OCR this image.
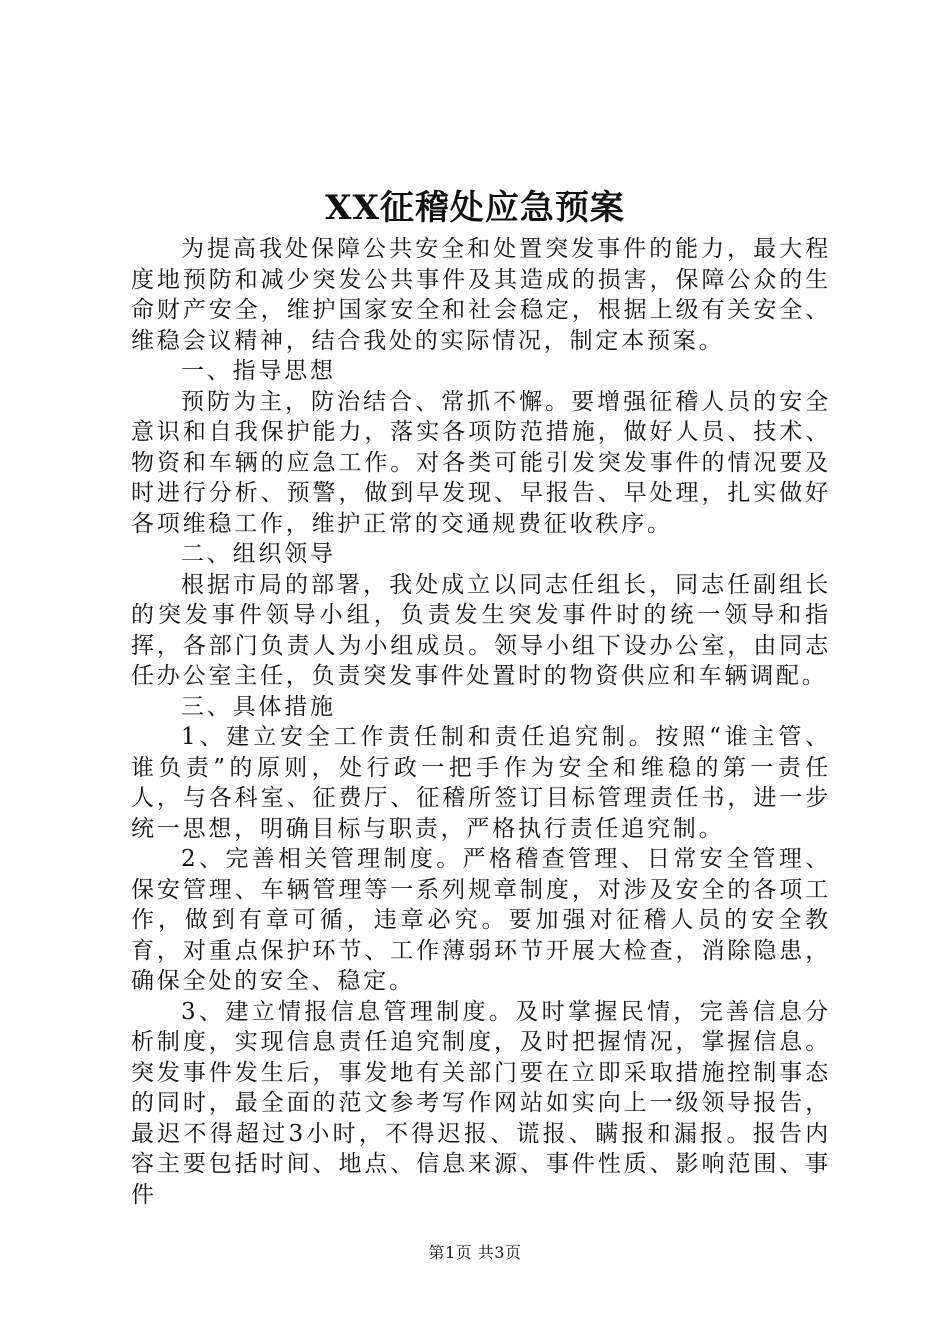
XX征稽处应急预案

为提高我处保障公共安全和处置突发事件的能力，最大程度地预防和减少突发公共事件及其造成的损害，保障公众的生命财产安全，维护国家安全和社会稳定，根据上级有关安全、维稳会议精神，结合我处的实际情况，制定本预案。

一、指导思想

预防为主，防治结合、常抓不懈。要增强征稽人员的安全意识和自我保护能力，落实各项防范措施，做好人员、技术、物资和车辆的应急工作。对各类可能引发突发事件的情况要及时进行分析、预警，做到早发现、早报告、早处理，扎实做好各项维稳工作，维护正常的交通规费征收秩序。

二、组织领导

根据市局的部署，我处成立以同志任组长，同志任副组长的突发事件领导小组，负责发生突发事件时的统一领导和指挥，各部门负责人为小组成员。领导小组下设办公室，由同志任办公室主任，负责突发事件处置时的物资供应和车辆调配。

三、具体措施

1、建立安全工作责任制和责任追究制。按照“谁主管、谁负责”的原则，处行政一把手作为安全和维稳的第一责任人，与各科室、征费厅、征稽所签订目标管理责任书，进一步统一思想，明确目标与职责，严格执行责任追究制。

2、完善相关管理制度。严格稽查管理、日常安全管理、保安管理、车辆管理等一系列规章制度，对涉及安全的各项工作，做到有章可循，违章必究。要加强对征稽人员的安全教育，对重点保护环节、工作薄弱环节开展大检查，消除隐患，确保全处的安全、稳定。

3、建立情报信息管理制度。及时掌握民情，完善信息分析制度，实现信息责任追究制度，及时把握情况，掌握信息。突发事件发生后，事发地有关部门要在立即采取措施控制事态的同时，最全面的范文参考写作网站如实向上一级领导报告，最迟不得超过3小时，不得迟报、谎报、瞒报和漏报。报告内容主要包括时间、地点、信息来源、事件性质、影响范围、事件

第1页 共3页
